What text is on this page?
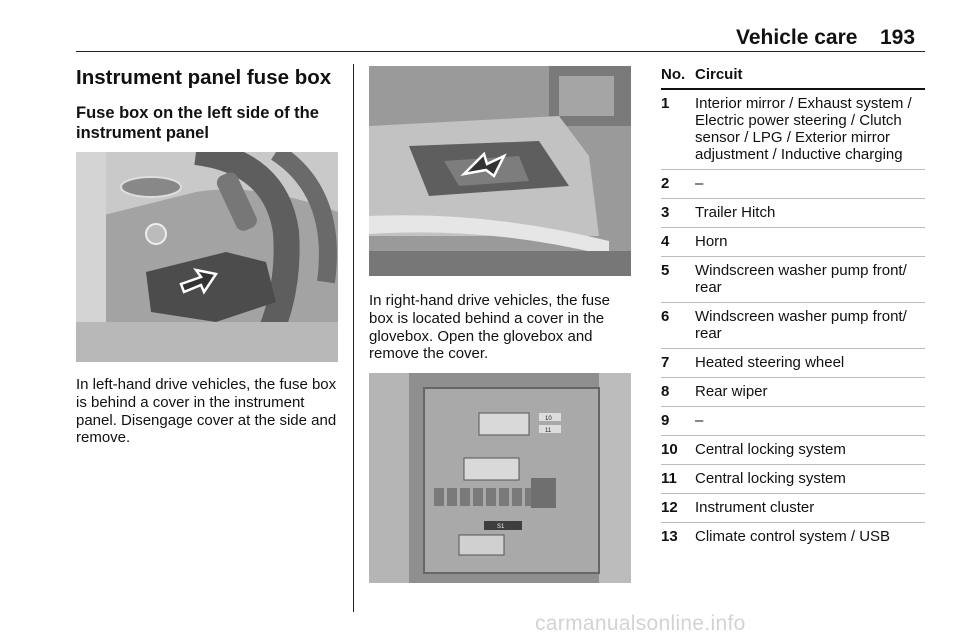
Vehicle care 193
Instrument panel fuse box
Fuse box on the left side of the instrument panel
In left-hand drive vehicles, the fuse box is behind a cover in the instrument panel. Disengage cover at the side and remove.
In right-hand drive vehicles, the fuse box is located behind a cover in the glovebox. Open the glovebox and remove the cover.
10
11
S1
No.	Circuit
1	Interior mirror / Exhaust system / Electric power steering / Clutch sensor / LPG / Exterior mirror adjustment / Inductive charging
2	–
3	Trailer Hitch
4	Horn
5	Windscreen washer pump front/ rear
6	Windscreen washer pump front/ rear
7	Heated steering wheel
8	Rear wiper
9	–
10	Central locking system
11	Central locking system
12	Instrument cluster
13	Climate control system / USB
carmanualsonline.info
